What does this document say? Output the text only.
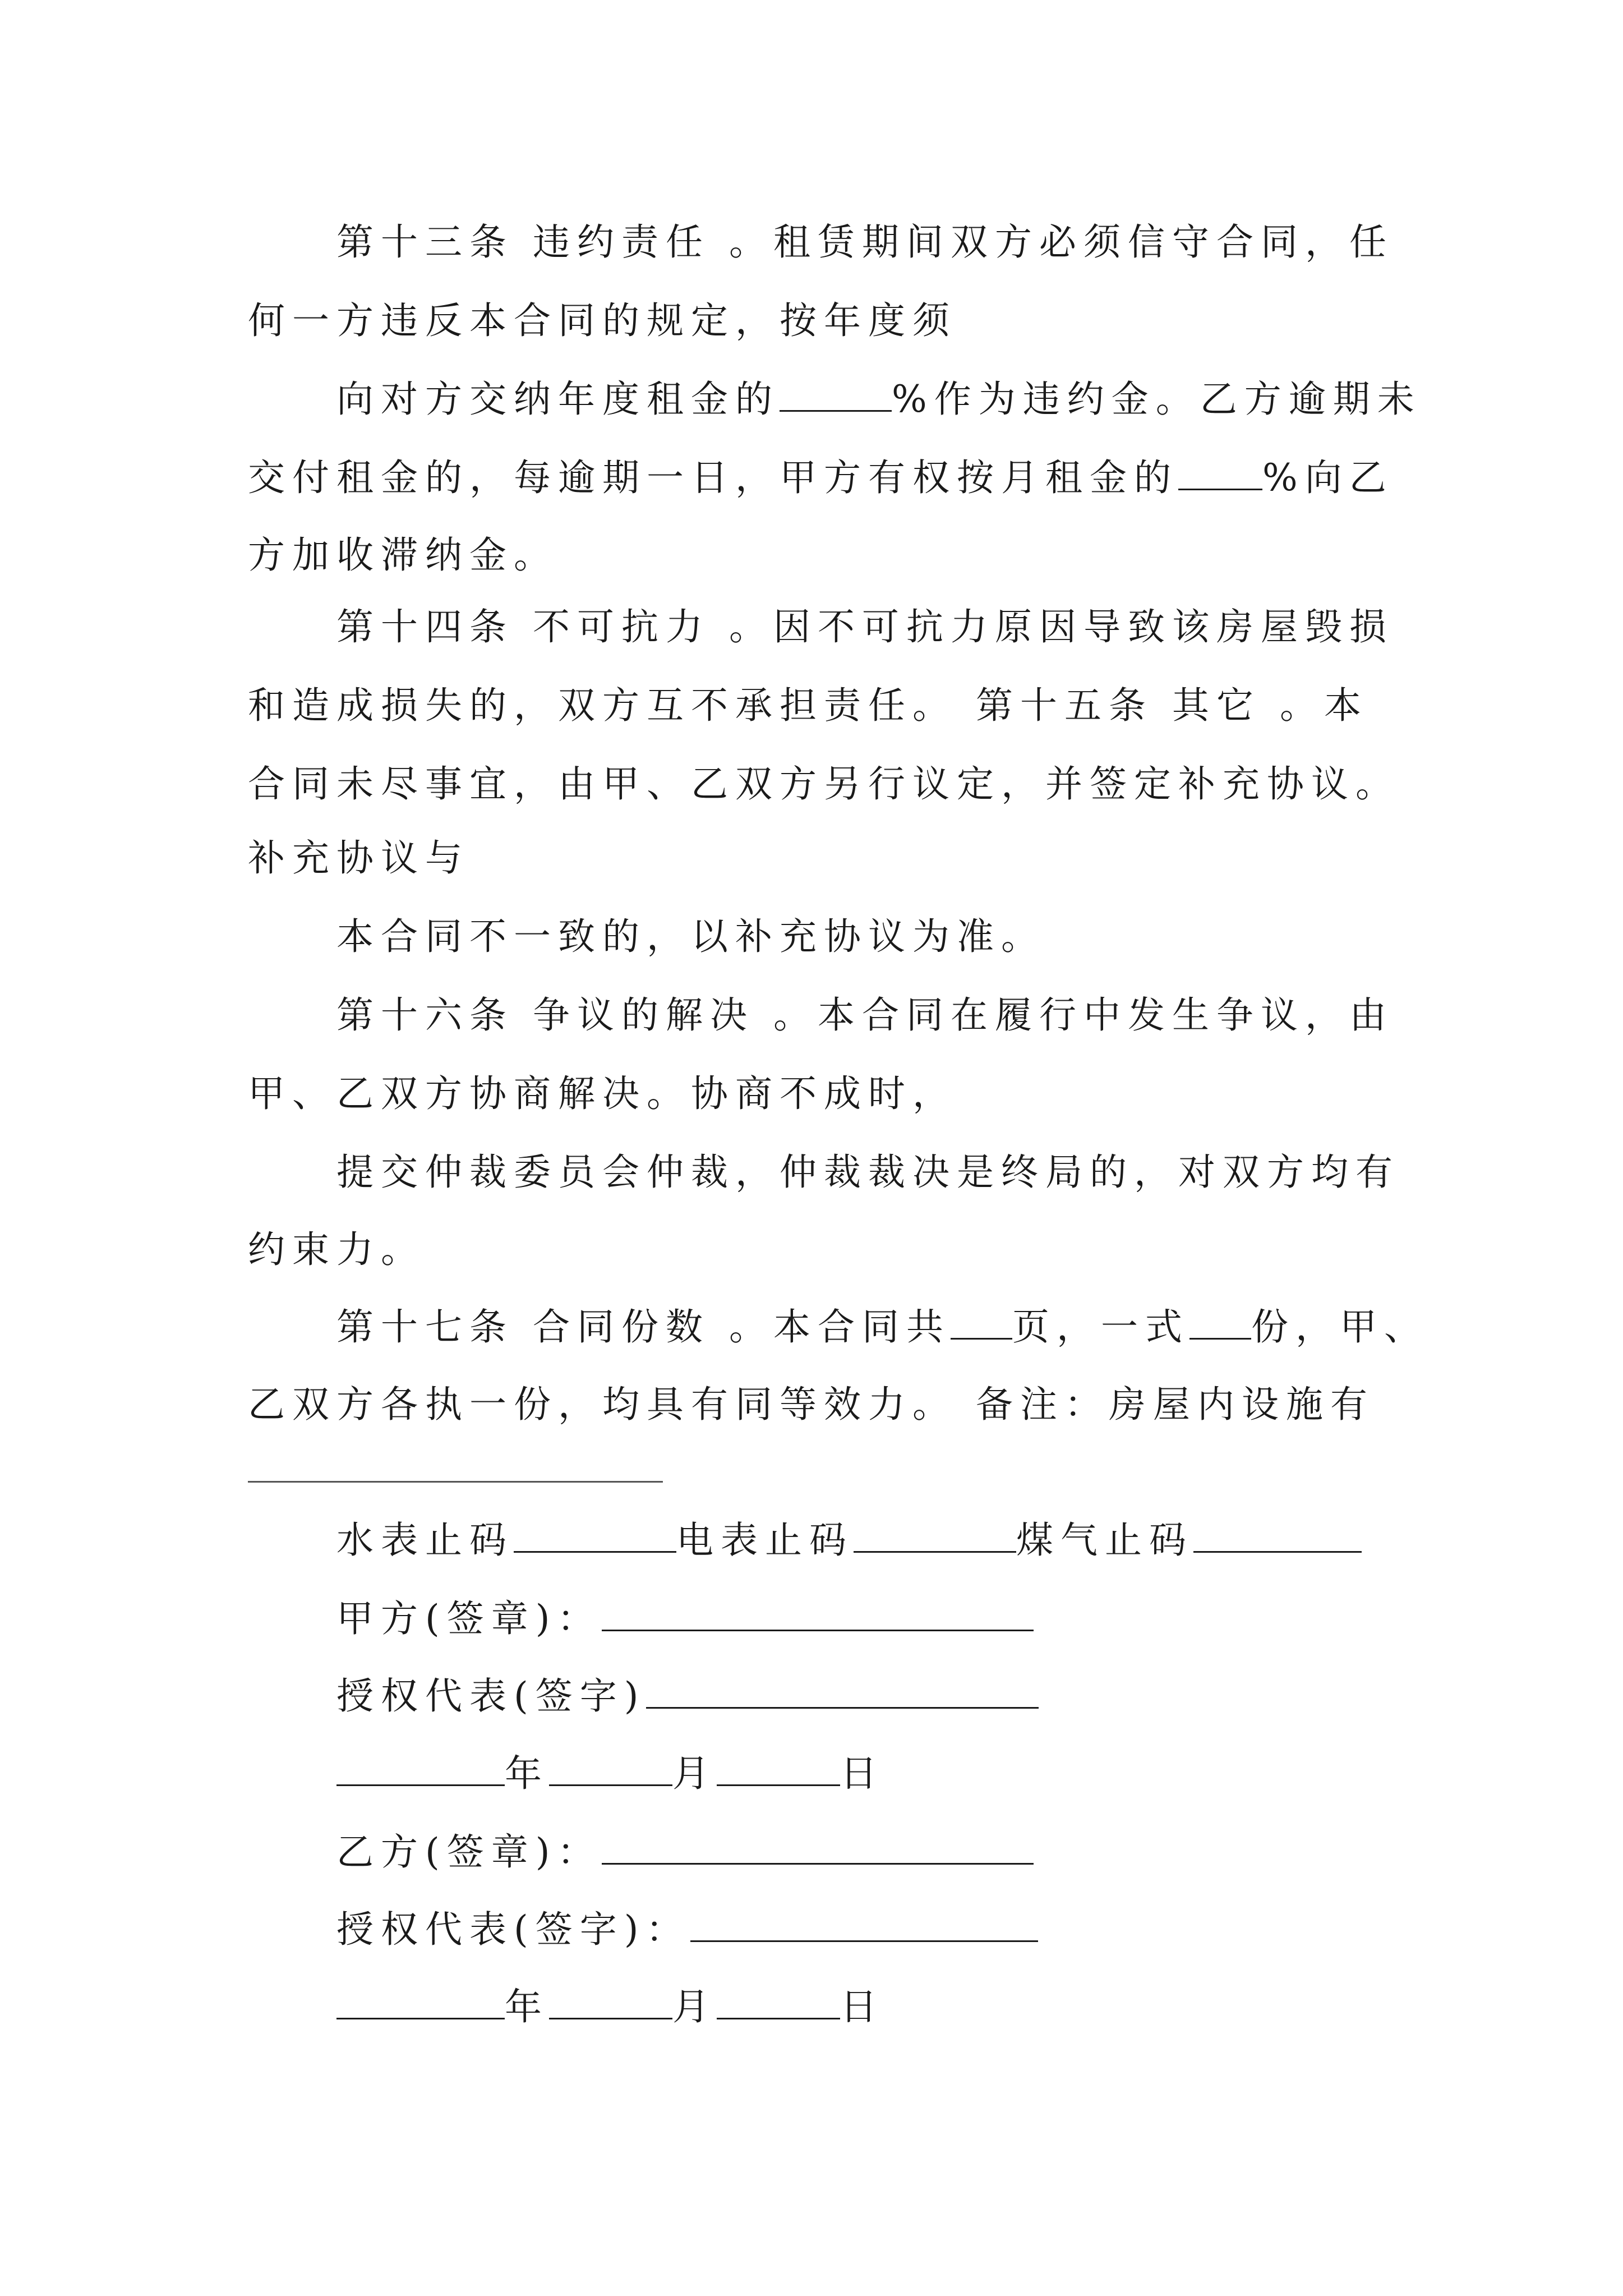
第十三条 违约责任 。租赁期间双方必须信守合同，任
何一方违反本合同的规定，按年度须
向对方交纳年度租金的	%作为违约金。乙方逾期未
交付租金的，每逾期一日，甲方有权按月租金的 %向乙
方加收滞纳金。
第十四条 不可抗力 。因不可抗力原因导致该房屋毁损
和造成损失的，双方互不承担责任。 第十五条 其它 。本
合同未尽事宜，由甲、乙双方另行议定，并签定补充协议。
补充协议与
本合同不一致的，以补充协议为准。
第十六条 争议的解决 。本合同在履行中发生争议，由
甲、乙双方协商解决。协商不成时，
提交仲裁委员会仲裁，仲裁裁决是终局的，对双方均有
约束力。
第十七条 合同份数 。本合同共 页，一式 份，甲、
乙双方各执一份，均具有同等效力。 备注：房屋内设施有
水表止码	电表止码	煤气止码
甲方(签章)：
授权代表(签字)
年	月	日
乙方(签章)：
授权代表(签字)：
年	月	日
